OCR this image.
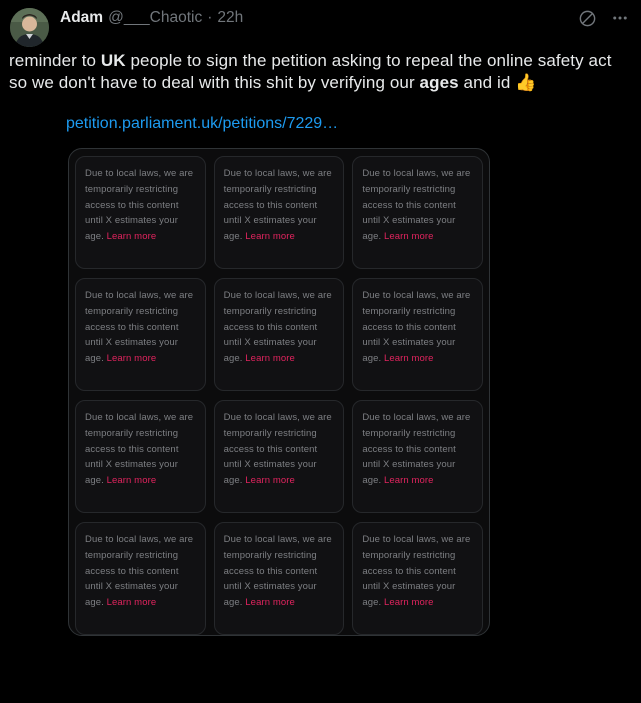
Adam @___Chaotic · 22h
reminder to UK people to sign the petition asking to repeal the online safety act so we don't have to deal with this shit by verifying our ages and id 👍
petition.parliament.uk/petitions/7229…

Due to local laws, we are temporarily restricting access to this content until X estimates your age. Learn more

Due to local laws, we are temporarily restricting access to this content until X estimates your age. Learn more

Due to local laws, we are temporarily restricting access to this content until X estimates your age. Learn more

Due to local laws, we are temporarily restricting access to this content until X estimates your age. Learn more

Due to local laws, we are temporarily restricting access to this content until X estimates your age. Learn more

Due to local laws, we are temporarily restricting access to this content until X estimates your age. Learn more

Due to local laws, we are temporarily restricting access to this content until X estimates your age. Learn more

Due to local laws, we are temporarily restricting access to this content until X estimates your age. Learn more

Due to local laws, we are temporarily restricting access to this content until X estimates your age. Learn more

Due to local laws, we are temporarily restricting access to this content until X estimates your age. Learn more

Due to local laws, we are temporarily restricting access to this content until X estimates your age. Learn more

Due to local laws, we are temporarily restricting access to this content until X estimates your age. Learn more
